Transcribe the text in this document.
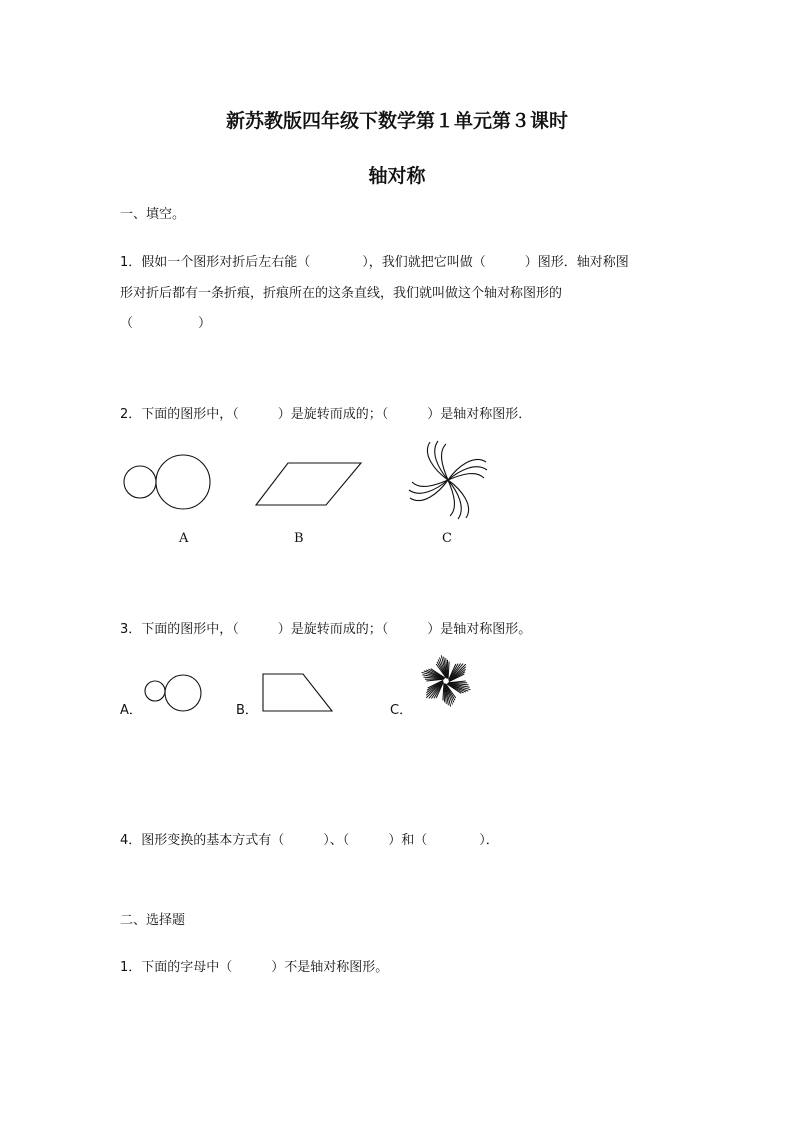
新苏教版四年级下数学第１单元第３课时
轴对称
一、填空。
1．假如一个图形对折后左右能（　　　　），我们就把它叫做（　　　）图形．轴对称图
形对折后都有一条折痕，折痕所在的这条直线，我们就叫做这个轴对称图形的
（　　　　　）
2．下面的图形中，（　　　）是旋转而成的；（　　　）是轴对称图形．
A	B	C
3．下面的图形中，（　　　）是旋转而成的；（　　　）是轴对称图形。
A．	B．	C．
4．图形变换的基本方式有（　　　）、（　　　）和（　　　　）．
二、选择题
1．下面的字母中（　　　）不是轴对称图形。
